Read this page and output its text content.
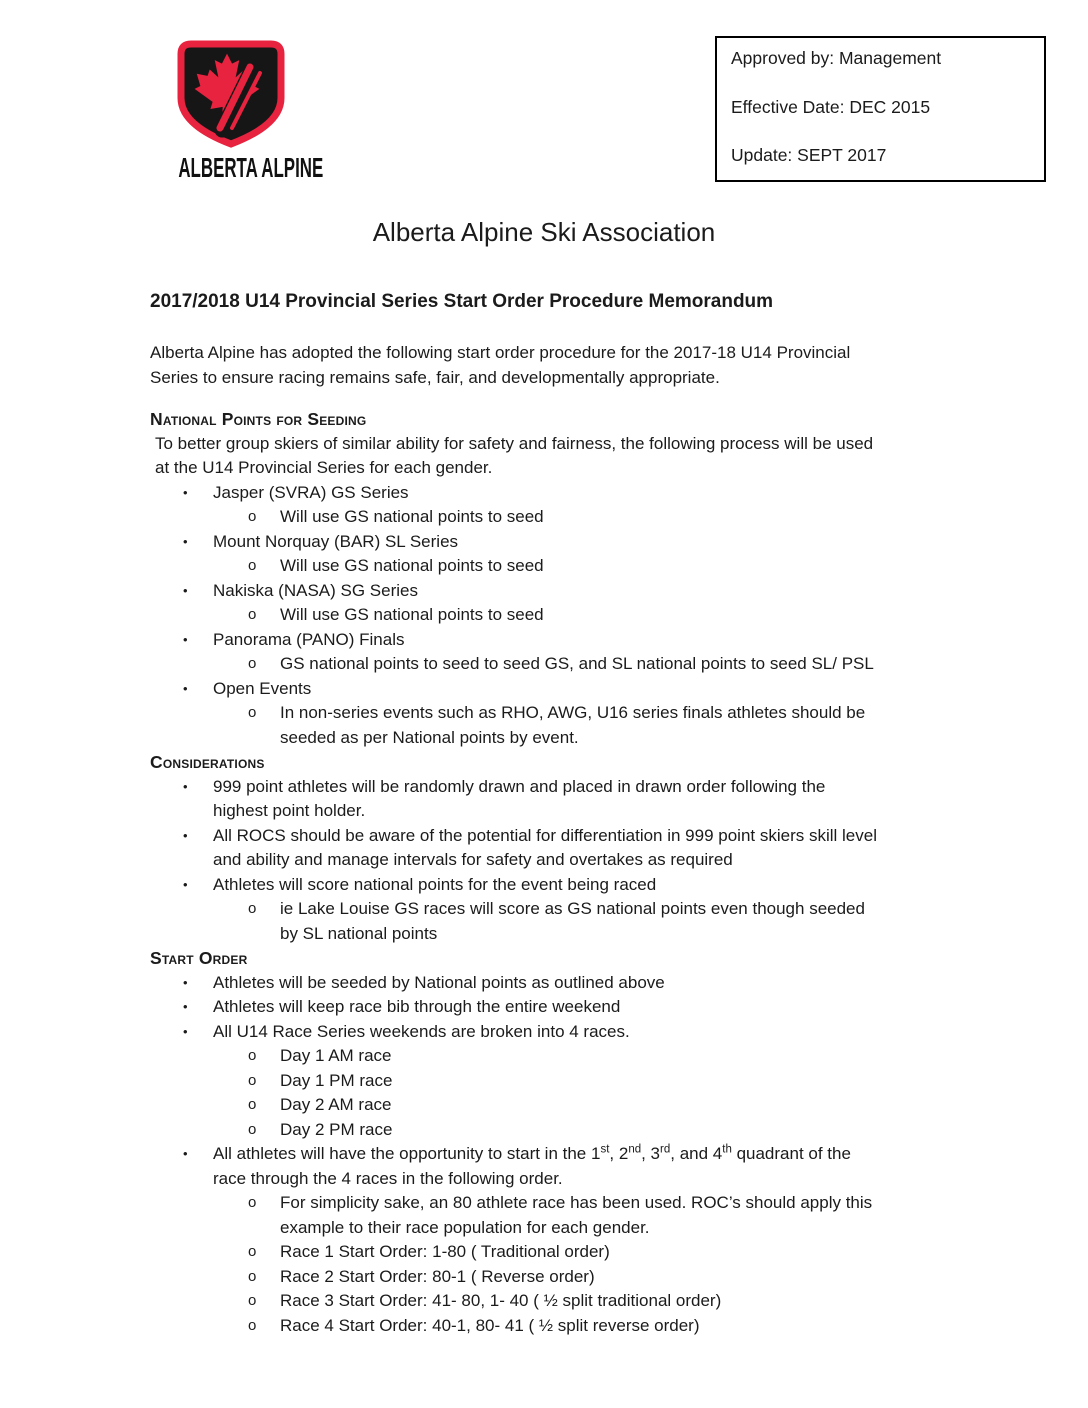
ALBERTA ALPINE
Approved by: Management
Effective Date: DEC 2015
Update: SEPT 2017
Alberta Alpine Ski Association
2017/2018 U14 Provincial Series Start Order Procedure Memorandum

Alberta Alpine has adopted the following start order procedure for the 2017-18 U14 Provincial Series to ensure racing remains safe, fair, and developmentally appropriate.

National Points for Seeding

To better group skiers of similar ability for safety and fairness, the following process will be used at the U14 Provincial Series for each gender.

•	Jasper (SVRA) GS Series
o	Will use GS national points to seed
•	Mount Norquay (BAR) SL Series
o	Will use GS national points to seed
•	Nakiska (NASA) SG Series
o	Will use GS national points to seed
•	Panorama (PANO) Finals
o	GS national points to seed to seed GS, and SL national points to seed SL/ PSL
•	Open Events
o	In non-series events such as RHO, AWG, U16 series finals athletes should be seeded as per National points by event.
Considerations
•	999 point athletes will be randomly drawn and placed in drawn order following the highest point holder.
•	All ROCS should be aware of the potential for differentiation in 999 point skiers skill level and ability and manage intervals for safety and overtakes as required
•	Athletes will score national points for the event being raced
o	ie Lake Louise GS races will score as GS national points even though seeded by SL national points
Start Order
•	Athletes will be seeded by National points as outlined above
•	Athletes will keep race bib through the entire weekend
•	All U14 Race Series weekends are broken into 4 races.
o	Day 1 AM race
o	Day 1 PM race
o	Day 2 AM race
o	Day 2 PM race
•	All athletes will have the opportunity to start in the 1st, 2nd, 3rd, and 4th quadrant of the race through the 4 races in the following order.
o	For simplicity sake, an 80 athlete race has been used. ROC’s should apply this example to their race population for each gender.
o	Race 1 Start Order: 1-80 ( Traditional order)
o	Race 2 Start Order: 80-1 ( Reverse order)
o	Race 3 Start Order: 41- 80, 1- 40 ( ½ split traditional order)
o	Race 4 Start Order: 40-1, 80- 41 ( ½ split reverse order)
